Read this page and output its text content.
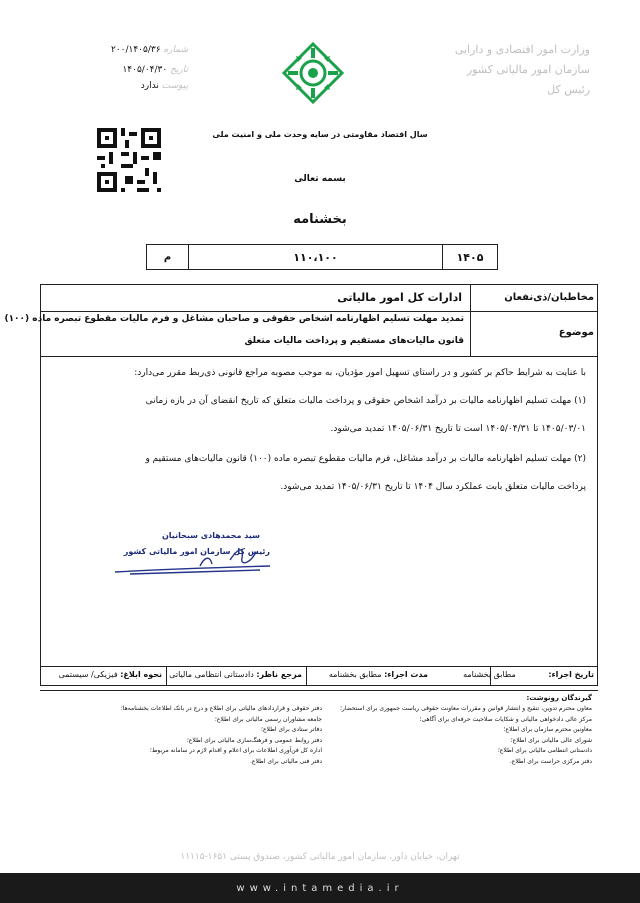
شماره ۲۰۰/۱۴۰۵/۳۶
تاریخ ۱۴۰۵/۰۴/۳۰
پیوست ندارد
وزارت امور اقتصادی و دارایی
سازمان امور مالیاتی کشور
رئیس کل
سال اقتصاد مقاومتی در سایه وحدت ملی و امنیت ملی
بسمه تعالی
بخشنامه
م	۱۱۰،۱۰۰	۱۴۰۵
مخاطبان/ذی‌نفعان
ادارات کل امور مالیاتی
موضوع
تمدید مهلت تسلیم اظهارنامه اشخاص حقوقی و صاحبان مشاغل و فرم مالیات مقطوع تبصره ماده (۱۰۰)
قانون مالیات‌های مستقیم و پرداخت مالیات متعلق
با عنایت به شرایط حاکم بر کشور و در راستای تسهیل امور مؤدیان، به موجب مصوبه مراجع قانونی ذی‌ربط مقرر می‌دارد:
(۱) مهلت تسلیم اظهارنامه مالیات بر درآمد اشخاص حقوقی و پرداخت مالیات متعلق که تاریخ انقضای آن در بازه زمانی
۱۴۰۵/۰۳/۰۱ تا ۱۴۰۵/۰۴/۳۱ است تا تاریخ ۱۴۰۵/۰۶/۳۱ تمدید می‌شود.
(۲) مهلت تسلیم اظهارنامه مالیات بر درآمد مشاغل، فرم مالیات مقطوع تبصره ماده (۱۰۰) قانون مالیات‌های مستقیم و
پرداخت مالیات متعلق بابت عملکرد سال ۱۴۰۴ تا تاریخ ۱۴۰۵/۰۶/۳۱ تمدید می‌شود.
سید محمدهادی سبحانیان
رئیس کل سازمان امور مالیاتی کشور
تاریخ اجراء: مطابق بخشنامه
مدت اجراء: مطابق بخشنامه
مرجع ناظر: دادستانی انتظامی مالیاتی
نحوه ابلاغ: فیزیکی/ سیستمی
گیرندگان رونوشت:
معاون محترم تدوین، تنقیح و انتشار قوانین و مقررات معاونت حقوقی ریاست جمهوری برای استحضار؛
مرکز عالی دادخواهی مالیاتی و شکایات صلاحیت حرفه‌ای برای آگاهی؛
معاونین محترم سازمان برای اطلاع؛
شورای عالی مالیاتی برای اطلاع؛
دادستانی انتظامی مالیاتی برای اطلاع؛
دفتر مرکزی حراست برای اطلاع.
دفتر حقوقی و قراردادهای مالیاتی برای اطلاع و درج در بانک اطلاعات بخشنامه‌ها؛
جامعه مشاوران رسمی مالیاتی برای اطلاع؛
دفاتر ستادی برای اطلاع؛
دفتر روابط عمومی و فرهنگ‌سازی مالیاتی برای اطلاع؛
اداره کل فن‌آوری اطلاعات برای اعلام و اقدام لازم در سامانه مربوط؛
دفتر فنی مالیاتی برای اطلاع.
تهران، خیابان داور، سازمان امور مالیاتی کشور، صندوق پستی ۱۶۵۱-۱۱۱۱۵
www.intamedia.ir
